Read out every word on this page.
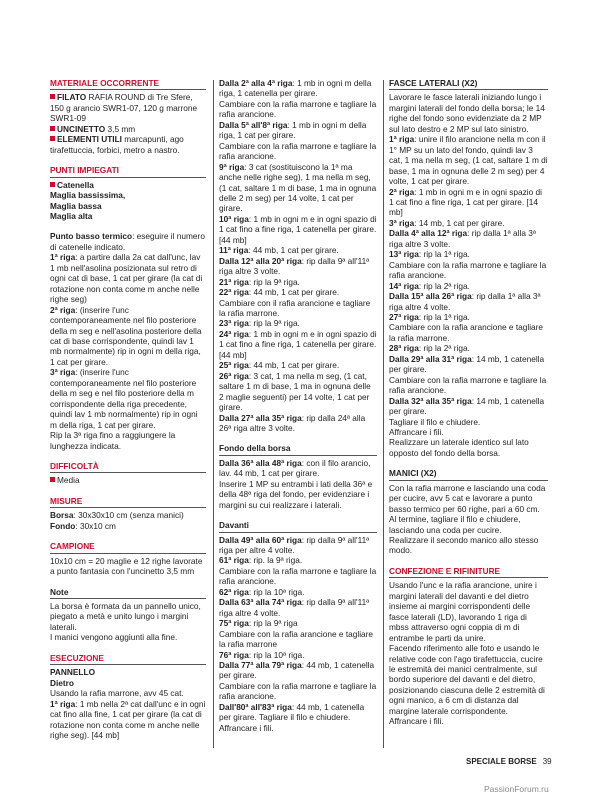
MATERIALE OCCORRENTE

FILATO RAFIA ROUND di Tre Sfere, 150 g arancio SWR1-07, 120 g marrone SWR1-09

UNCINETTO 3,5 mm

ELEMENTI UTILI marcapunti, ago tirafettuccia, forbici, metro a nastro.

PUNTI IMPIEGATI

Catenella

Maglia bassissima,

Maglia bassa

Maglia alta

Punto basso termico: eseguire il numero di catenelle indicato.

1ª riga: a partire dalla 2a cat dall'unc, lav 1 mb nell'asolina posizionata sul retro di ogni cat di base, 1 cat per girare (la cat di rotazione non conta come m anche nelle righe seg)

2ª riga: (inserire l'unc contemporaneamente nel filo posteriore della m seg e nell'asolina posteriore della cat di base corrispondente, quindi lav 1 mb normalmente) rip in ogni m della riga, 1 cat per girare.

3ª riga: (inserire l'unc contemporaneamente nel filo posteriore della m seg e nel filo posteriore della m corrispondente della riga precedente, quindi lav 1 mb normalmente) rip in ogni m della riga, 1 cat per girare.

Rip la 3ª riga fino a raggiungere la lunghezza indicata.

DIFFICOLTÀ

Media

MISURE

Borsa: 30x30x10 cm (senza manici)

Fondo: 30x10 cm

CAMPIONE

10x10 cm = 20 maglie e 12 righe lavorate a punto fantasia con l'uncinetto 3,5 mm

Note

La borsa è formata da un pannello unico, piegato a metà e unito lungo i margini laterali.

I manici vengono aggiunti alla fine.

ESECUZIONE

PANNELLO

Dietro

Usando la rafia marrone, avv 45 cat.

1ª riga: 1 mb nella 2ª cat dall'unc e in ogni cat fino alla fine, 1 cat per girare (la cat di rotazione non conta come m anche nelle righe seg). [44 mb]

Dalla 2ª alla 4ª riga: 1 mb in ogni m della riga, 1 catenella per girare.

Cambiare con la rafia marrone e tagliare la rafia arancione.

Dalla 5ª all'8ª riga: 1 mb in ogni m della riga, 1 cat per girare.

Cambiare con la rafia marrone e tagliare la rafia arancione.

9ª riga: 3 cat (sostituiscono la 1ª ma anche nelle righe seg), 1 ma nella m seg, (1 cat, saltare 1 m di base, 1 ma in ognuna delle 2 m seg) per 14 volte, 1 cat per girare.

10ª riga: 1 mb in ogni m e in ogni spazio di 1 cat fino a fine riga, 1 catenella per girare. [44 mb]

11ª riga: 44 mb, 1 cat per girare.

Dalla 12ª alla 20ª riga: rip dalla 9ª all'11ª riga altre 3 volte.

21ª riga: rip la 9ª riga.

22ª riga: 44 mb, 1 cat per girare.

Cambiare con il rafia arancione e tagliare la rafia marrone.

23ª riga: rip la 9ª riga.

24ª riga: 1 mb in ogni m e in ogni spazio di 1 cat fino a fine riga, 1 catenella per girare. [44 mb]

25ª riga: 44 mb, 1 cat per girare.

26ª riga: 3 cat, 1 ma nella m seg, (1 cat, saltare 1 m di base, 1 ma in ognuna delle 2 maglie seguenti) per 14 volte, 1 cat per girare.

Dalla 27ª alla 35ª riga: rip dalla 24ª alla 26ª riga altre 3 volte.

Fondo della borsa

Dalla 36ª alla 48ª riga: con il filo arancio, lav. 44 mb, 1 cat per girare.

Inserire 1 MP su entrambi i lati della 36ª e della 48ª riga del fondo, per evidenziare i margini su cui realizzare i laterali.

Davanti

Dalla 49ª alla 60ª riga: rip dalla 9ª all'11ª riga per altre 4 volte.

61ª riga: rip. la 9ª riga.

Cambiare con la rafia marrone e tagliare la rafia arancione.

62ª riga: rip la 10ª riga.

Dalla 63ª alla 74ª riga: rip dalla 9ª all'11ª riga altre 4 volte.

75ª riga: rip la 9ª riga

Cambiare con la rafia arancione e tagliare la rafia marrone

76ª riga: rip la 10ª riga.

Dalla 77ª alla 79ª riga: 44 mb, 1 catenella per girare.

Cambiare con la rafia marrone e tagliare la rafia arancione.

Dall'80ª all'83ª riga: 44 mb, 1 catenella per girare. Tagliare il filo e chiudere.

Affrancare i fili.

FASCE LATERALI (X2)

Lavorare le fasce laterali iniziando lungo i margini laterali del fondo della borsa; le 14 righe del fondo sono evidenziate da 2 MP sul lato destro e 2 MP sul lato sinistro.

1ª riga: unire il filo arancione nella m con il 1° MP su un lato del fondo, quindi lav 3 cat, 1 ma nella m seg, (1 cat, saltare 1 m di base, 1 ma in ognuna delle 2 m seg) per 4 volte, 1 cat per girare.

2ª riga: 1 mb in ogni m e in ogni spazio di 1 cat fino a fine riga, 1 cat per girare. [14 mb]

3ª riga: 14 mb, 1 cat per girare.

Dalla 4ª alla 12ª riga: rip dalla 1ª alla 3ª riga altre 3 volte.

13ª riga: rip la 1ª riga.

Cambiare con la rafia marrone e tagliare la rafia arancione.

14ª riga: rip la 2ª riga.

Dalla 15ª alla 26ª riga: rip dalla 1ª alla 3ª riga altre 4 volte.

27ª riga: rip la 1ª riga.

Cambiare con la rafia arancione e tagliare la rafia marrone.

28ª riga: rip la 2ª riga.

Dalla 29ª alla 31ª riga: 14 mb, 1 catenella per girare.

Cambiare con la rafia marrone e tagliare la rafia arancione.

Dalla 32ª alla 35ª riga: 14 mb, 1 catenella per girare.

Tagliare il filo e chiudere.

Affrancare i fili.

Realizzare un laterale identico sul lato opposto del fondo della borsa.

MANICI (X2)

Con la rafia marrone e lasciando una coda per cucire, avv 5 cat e lavorare a punto basso termico per 60 righe, pari a 60 cm.

Al termine, tagliare il filo e chiudere, lasciando una coda per cucire.

Realizzare il secondo manico allo stesso modo.

CONFEZIONE E RIFINITURE

Usando l'unc e la rafia arancione, unire i margini laterali del davanti e del dietro insieme ai margini corrispondenti delle fasce laterali (LD), lavorando 1 riga di mbss attraverso ogni coppia di m di entrambe le parti da unire.

Facendo riferimento alle foto e usando le relative code con l'ago tirafettuccia, cucire le estremità dei manici centralmente, sul bordo superiore del davanti e del dietro, posizionando ciascuna delle 2 estremità di ogni manico, a 6 cm di distanza dal margine laterale corrispondente.

Affrancare i fili.

SPECIALE BORSE 39
PassionForum.ru
